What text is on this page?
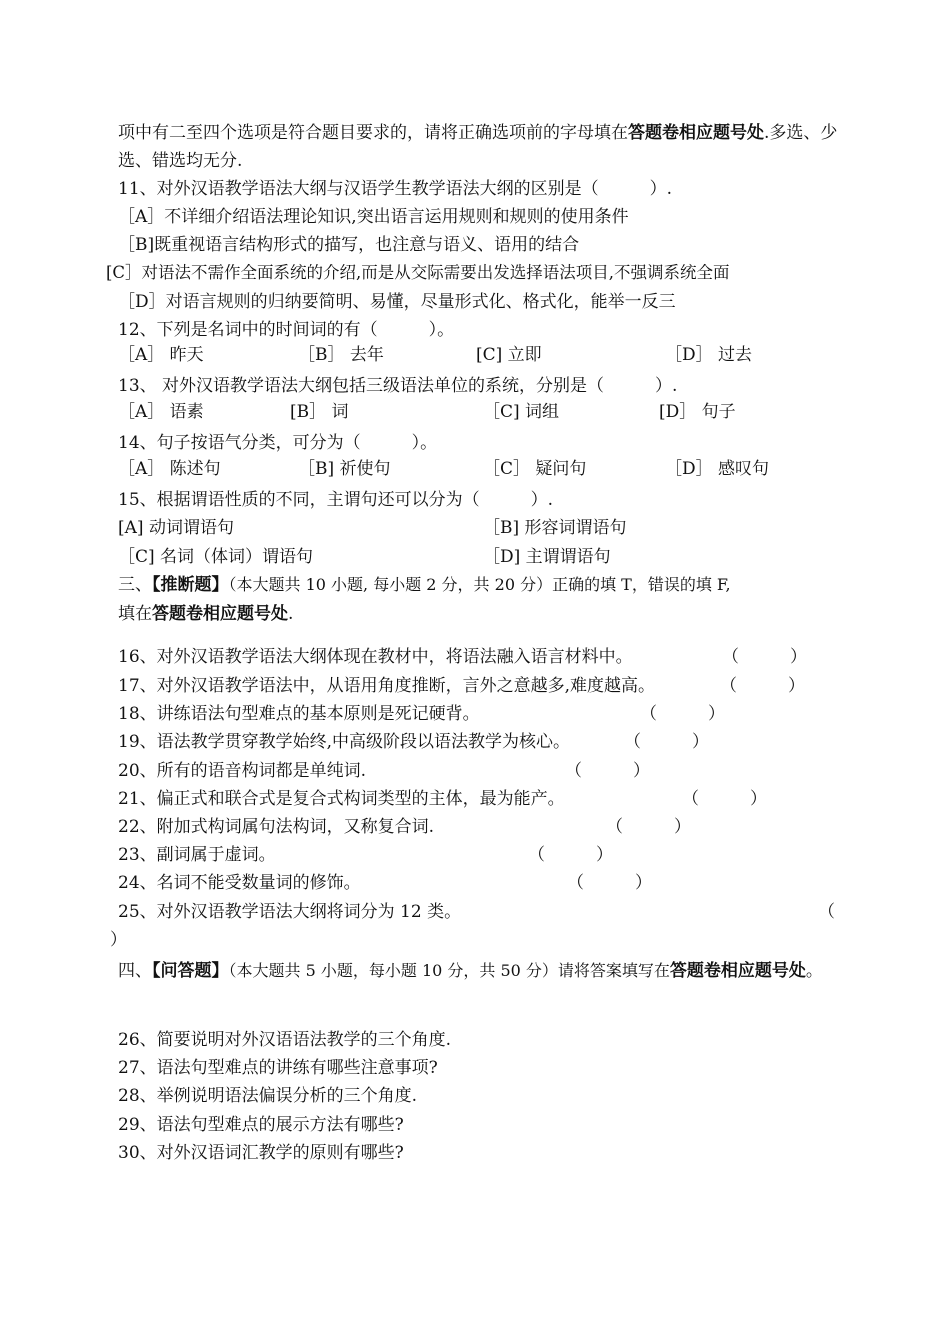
项中有二至四个选项是符合题目要求的，请将正确选项前的字母填在答题卷相应题号处.多选、少选、错选均无分.
11、对外汉语教学语法大纲与汉语学生教学语法大纲的区别是（　　　）.
［A］不详细介绍语法理论知识,突出语言运用规则和规则的使用条件
［B]既重视语言结构形式的描写，也注意与语义、语用的结合
[C］对语法不需作全面系统的介绍,而是从交际需要出发选择语法项目,不强调系统全面
［D］对语言规则的归纳要简明、易懂，尽量形式化、格式化，能举一反三
12、下列是名词中的时间词的有（　　　）。
［A］ 昨天	［B］ 去年	[C] 立即	［D］ 过去
13、 对外汉语教学语法大纲包括三级语法单位的系统，分别是（　　　）.
［A］ 语素	[B］ 词	［C] 词组	[D］ 句子
14、句子按语气分类，可分为（　　　）。
［A］ 陈述句	［B] 祈使句	［C］ 疑问句	［D］ 感叹句
15、根据谓语性质的不同，主谓句还可以分为（　　　）.
[A] 动词谓语句	［B] 形容词谓语句
［C] 名词（体词）谓语句	［D] 主谓谓语句
三、【推断题】（本大题共 10 小题, 每小题 2 分，共 20 分）正确的填 T，错误的填 F,
填在答题卷相应题号处.
16、对外汉语教学语法大纲体现在教材中，将语法融入语言材料中。	（　　　）
17、对外汉语教学语法中，从语用角度推断，言外之意越多,难度越高。	（　　　）
18、讲练语法句型难点的基本原则是死记硬背。	（　　　）
19、语法教学贯穿教学始终,中高级阶段以语法教学为核心。	（　　　）
20、所有的语音构词都是单纯词.	（　　　）
21、偏正式和联合式是复合式构词类型的主体，最为能产。	（　　　）
22、附加式构词属句法构词，又称复合词.	（　　　）
23、副词属于虚词。	（　　　）
24、名词不能受数量词的修饰。	（　　　）
25、对外汉语教学语法大纲将词分为 12 类。	（
）
四、【问答题】（本大题共 5 小题，每小题 10 分，共 50 分）请将答案填写在答题卷相应题号处。
26、简要说明对外汉语语法教学的三个角度.
27、语法句型难点的讲练有哪些注意事项?
28、举例说明语法偏误分析的三个角度.
29、语法句型难点的展示方法有哪些?
30、对外汉语词汇教学的原则有哪些?
